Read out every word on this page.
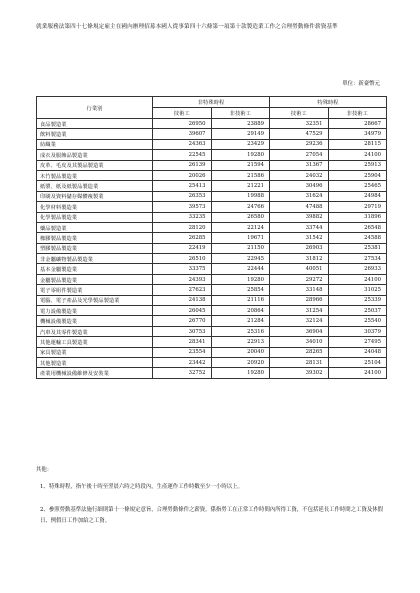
就業服務法第四十七條規定雇主在國內辦理招募本國人從事第四十六條第一項第十款製造業工作之合理勞動條件薪資基準
單位：新臺幣元
行業別	非特殊時程		特殊時程	
	技術工	非技術工	技術工	非技術工
食品製造業	26950	23889	32351	28667
飲料製造業	39607	29149	47529	34979
紡織業	24363	23429	29236	28115
成衣及服飾品製造業	22545	19280	27054	24100
皮革、毛皮及其製品製造業	26139	21594	31367	25913
木竹製品製造業	20026	21586	24032	25904
紙漿、紙及紙製品製造業	25413	21221	30496	25465
印刷及資料儲存媒體複製業	26353	19988	31624	24984
化學材料製造業	39573	24766	47488	29719
化學製品製造業	33235	26580	39882	31896
藥品製造業	28120	22124	33744	26548
橡膠製品製造業	26285	19671	31542	24588
塑膠製品製造業	22419	21150	26903	25381
非金屬礦物製品製造業	26510	22945	31812	27534
基本金屬製造業	33375	22444	40051	26933
金屬製品製造業	24393	19280	29272	24100
電子零組件製造業	27623	25854	33148	31025
電腦、電子產品及光學製品製造業	24138	21116	28966	25339
電力設備製造業	26045	20864	31254	25037
機械設備製造業	26770	21284	32124	25540
汽車及其零件製造業	30753	25316	36904	30379
其他運輸工具製造業	28341	22913	34010	27495
家具製造業	23554	20040	28265	24048
其他製造業	23442	20920	28131	25104
產業用機械設備維修及安裝業	32752	19280	39302	24100
其他：
1、特殊時程，指午後十時至翌晨六時之時段內，生產運作工作時數至少一小時以上。
2、參照勞動基準法施行細則第十一條規定意旨，合理勞動條件之薪資，係指勞工在正常工作時間內所得工資，不包括延長工作時間之工資及休假日、例假日工作加給之工資。
